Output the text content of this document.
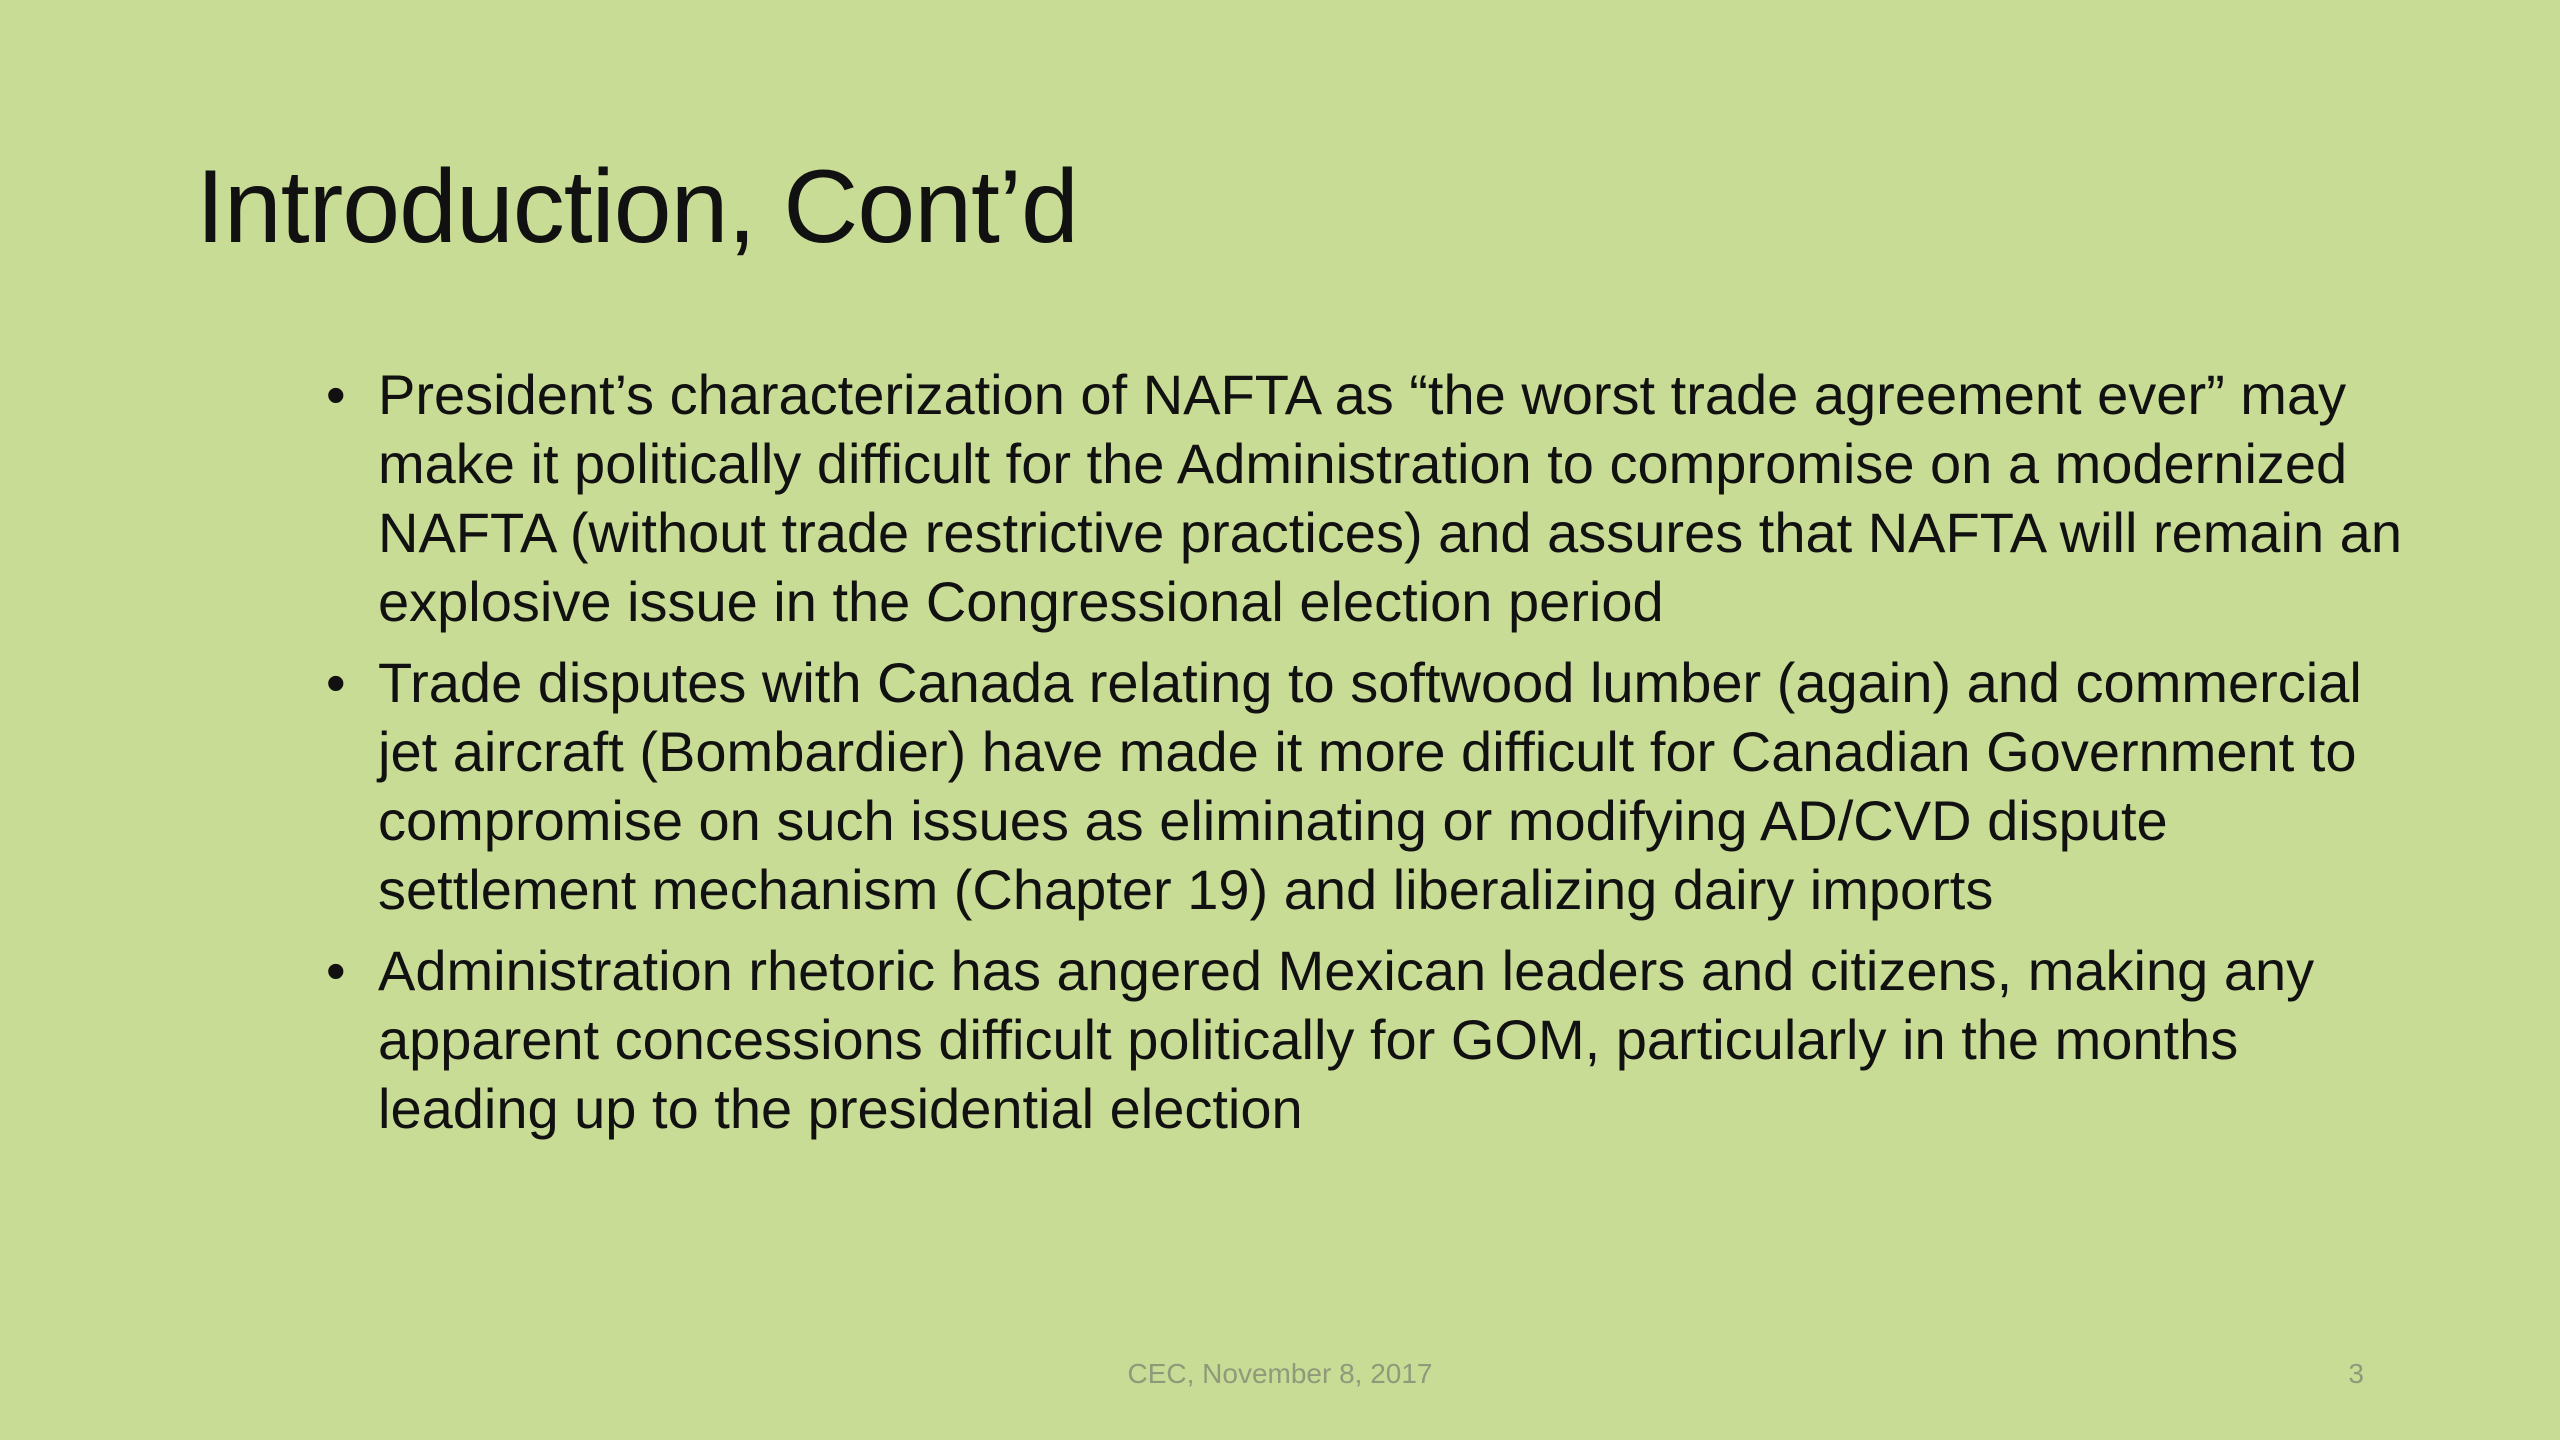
Introduction, Cont’d
• President’s characterization of NAFTA as “the worst trade agreement ever” may make it politically difficult for the Administration to compromise on a modernized NAFTA (without trade restrictive practices) and assures that NAFTA will remain an explosive issue in the Congressional election period
• Trade disputes with Canada relating to softwood lumber (again) and commercial jet aircraft (Bombardier) have made it more difficult for Canadian Government to compromise on such issues as eliminating or modifying AD/CVD dispute settlement mechanism (Chapter 19) and liberalizing dairy imports
• Administration rhetoric has angered Mexican leaders and citizens, making any apparent concessions difficult politically for GOM, particularly in the months leading up to the presidential election
CEC, November 8, 2017	3
